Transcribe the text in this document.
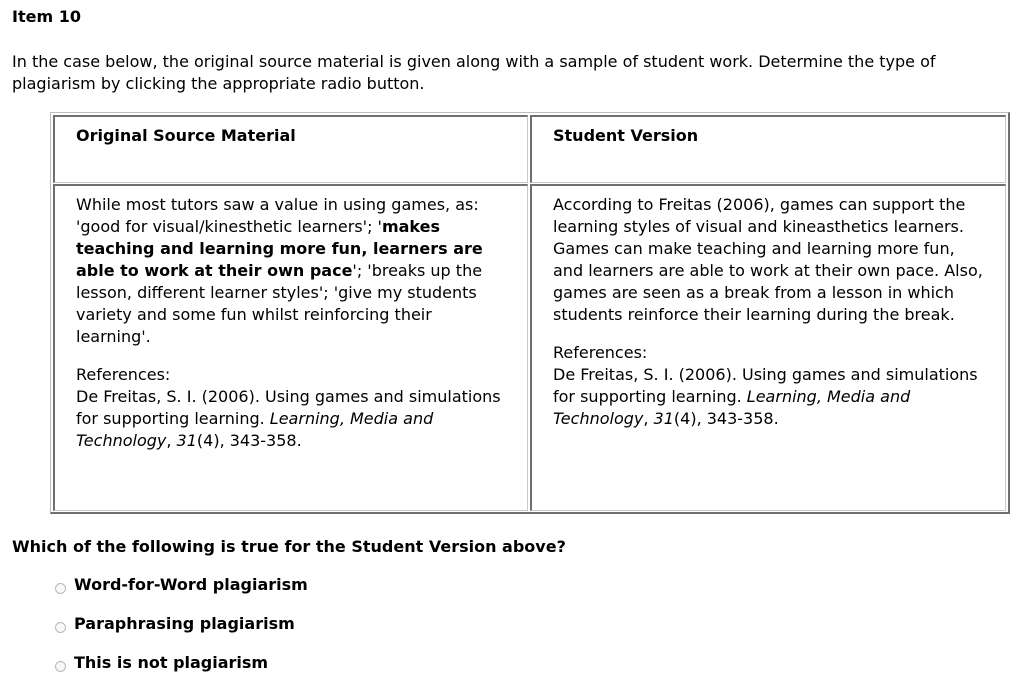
Item 10

In the case below, the original source material is given along with a sample of student work. Determine the type of plagiarism by clicking the appropriate radio button.

Original Source Material	Student Version

While most tutors saw a value in using games, as: 'good for visual/kinesthetic learners'; 'makes teaching and learning more fun, learners are able to work at their own pace'; 'breaks up the lesson, different learner styles'; 'give my students variety and some fun whilst reinforcing their learning'.

References:

De Freitas, S. I. (2006). Using games and simulations for supporting learning. Learning, Media and Technology, 31(4), 343-358.

According to Freitas (2006), games can support the learning styles of visual and kineasthetics learners. Games can make teaching and learning more fun, and learners are able to work at their own pace. Also, games are seen as a break from a lesson in which students reinforce their learning during the break.

References:

De Freitas, S. I. (2006). Using games and simulations for supporting learning. Learning, Media and Technology, 31(4), 343-358.

Which of the following is true for the Student Version above?
Word-for-Word plagiarism
Paraphrasing plagiarism
This is not plagiarism
